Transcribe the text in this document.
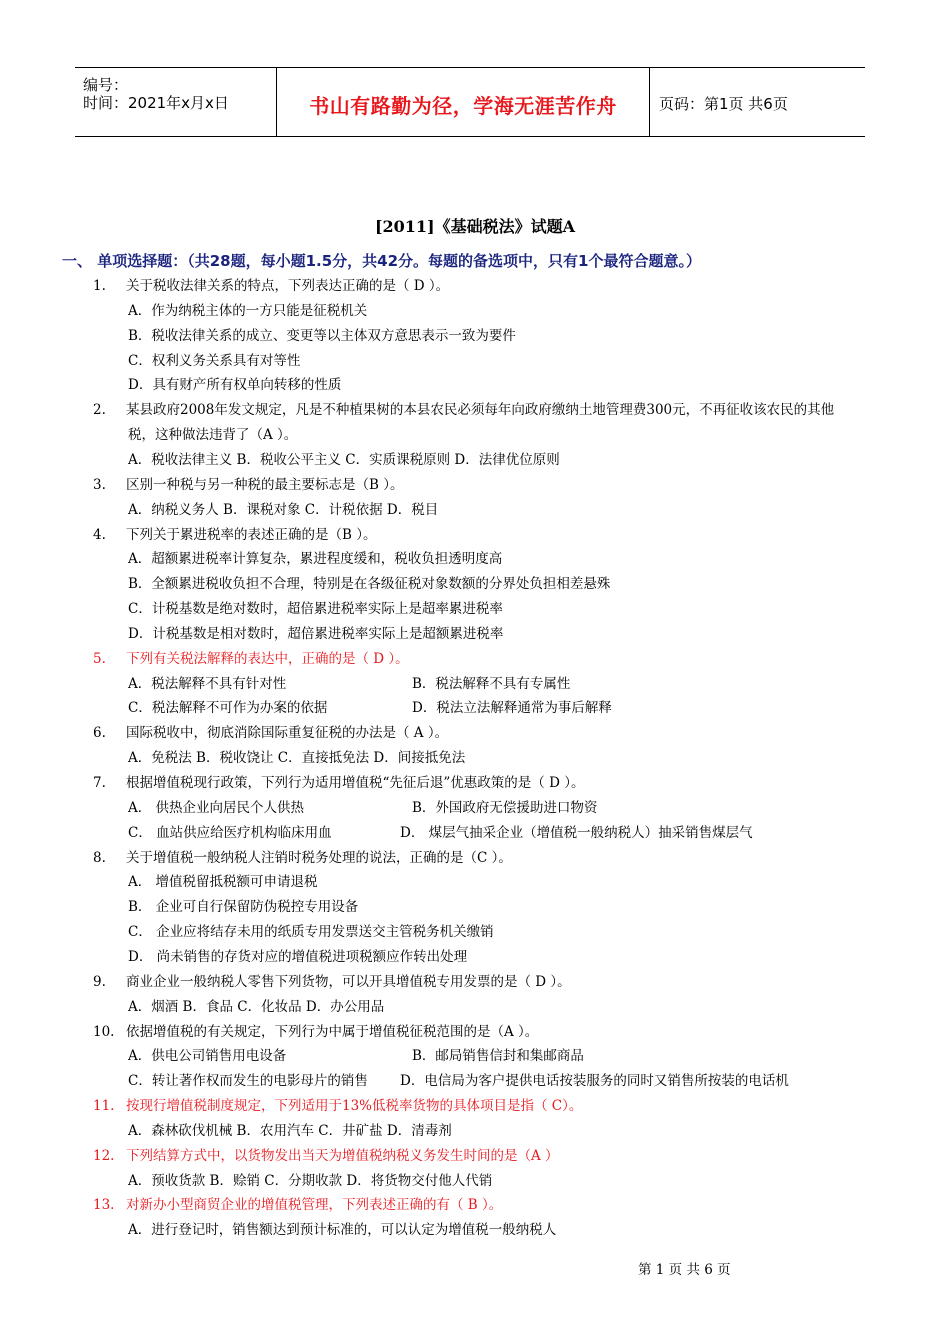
编号：
时间：2021年x月x日	书山有路勤为径，学海无涯苦作舟	页码：第1页 共6页
[2011]《基础税法》试题A
一、 单项选择题：（共28题，每小题1.5分，共42分。每题的备选项中，只有1个最符合题意。）
1. 关于税收法律关系的特点，下列表达正确的是（ D ）。
A．作为纳税主体的一方只能是征税机关
B．税收法律关系的成立、变更等以主体双方意思表示一致为要件
C．权利义务关系具有对等性
D．具有财产所有权单向转移的性质
2. 某县政府2008年发文规定，凡是不种植果树的本县农民必须每年向政府缴纳土地管理费300元，不再征收该农民的其他
税，这种做法违背了（A ）。
A．税收法律主义 B．税收公平主义 C．实质课税原则 D．法律优位原则
3. 区别一种税与另一种税的最主要标志是（B ）。
A．纳税义务人 B．课税对象 C．计税依据 D．税目
4. 下列关于累进税率的表述正确的是（B ）。
A．超额累进税率计算复杂，累进程度缓和，税收负担透明度高
B．全额累进税收负担不合理，特别是在各级征税对象数额的分界处负担相差悬殊
C．计税基数是绝对数时，超倍累进税率实际上是超率累进税率
D．计税基数是相对数时，超倍累进税率实际上是超额累进税率
5. 下列有关税法解释的表达中，正确的是（ D ）。
A．税法解释不具有针对性	B．税法解释不具有专属性
C．税法解释不可作为办案的依据	D．税法立法解释通常为事后解释
6. 国际税收中，彻底消除国际重复征税的办法是（ A ）。
A．免税法 B．税收饶让 C．直接抵免法 D．间接抵免法
7. 根据增值税现行政策，下列行为适用增值税“先征后退”优惠政策的是（ D ）。
A． 供热企业向居民个人供热	B．外国政府无偿援助进口物资
C． 血站供应给医疗机构临床用血	D． 煤层气抽采企业（增值税一般纳税人）抽采销售煤层气
8. 关于增值税一般纳税人注销时税务处理的说法，正确的是（C ）。
A． 增值税留抵税额可申请退税
B． 企业可自行保留防伪税控专用设备
C． 企业应将结存未用的纸质专用发票送交主管税务机关缴销
D． 尚未销售的存货对应的增值税进项税额应作转出处理
9. 商业企业一般纳税人零售下列货物，可以开具增值税专用发票的是（ D ）。
A．烟酒 B．食品 C．化妆品 D．办公用品
10. 依据增值税的有关规定，下列行为中属于增值税征税范围的是（A ）。
A．供电公司销售用电设备	B．邮局销售信封和集邮商品
C．转让著作权而发生的电影母片的销售 D．电信局为客户提供电话按装服务的同时又销售所按装的电话机
11. 按现行增值税制度规定，下列适用于13%低税率货物的具体项目是指（ C）。
A．森林砍伐机械 B．农用汽车 C．井矿盐 D．清毒剂
12. 下列结算方式中，以货物发出当天为增值税纳税义务发生时间的是（A ）
A．预收货款 B．赊销 C．分期收款 D．将货物交付他人代销
13. 对新办小型商贸企业的增值税管理，下列表述正确的有（ B ）。
A．进行登记时，销售额达到预计标准的，可以认定为增值税一般纳税人
第 1 页 共 6 页
